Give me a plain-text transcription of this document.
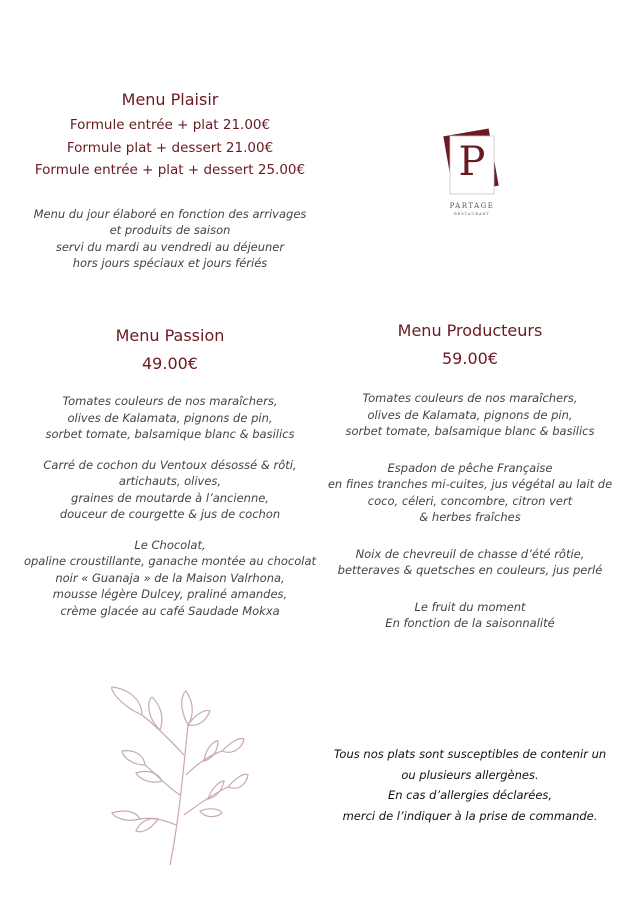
Menu Plaisir
Formule entrée + plat 21.00€
Formule plat + dessert 21.00€
Formule entrée + plat + dessert 25.00€
Menu du jour élaboré en fonction des arrivages
et produits de saison
servi du mardi au vendredi au déjeuner
hors jours spéciaux et jours fériés
P
PARTAGE
RESTAURANT
Menu Passion
49.00€
Tomates couleurs de nos maraîchers,
olives de Kalamata, pignons de pin,
sorbet tomate, balsamique blanc & basilics
Carré de cochon du Ventoux désossé & rôti,
artichauts, olives,
graines de moutarde à l’ancienne,
douceur de courgette & jus de cochon
Le Chocolat,
opaline croustillante, ganache montée au chocolat
noir « Guanaja » de la Maison Valrhona,
mousse légère Dulcey, praliné amandes,
crème glacée au café Saudade Mokxa
Menu Producteurs
59.00€
Tomates couleurs de nos maraîchers,
olives de Kalamata, pignons de pin,
sorbet tomate, balsamique blanc & basilics
Espadon de pêche Française
en fines tranches mi-cuites, jus végétal au lait de
coco, céleri, concombre, citron vert
& herbes fraîches
Noix de chevreuil de chasse d’été rôtie,
betteraves & quetsches en couleurs, jus perlé
Le fruit du moment
En fonction de la saisonnalité
Tous nos plats sont susceptibles de contenir un
ou plusieurs allergènes.
En cas d’allergies déclarées,
merci de l’indiquer à la prise de commande.
